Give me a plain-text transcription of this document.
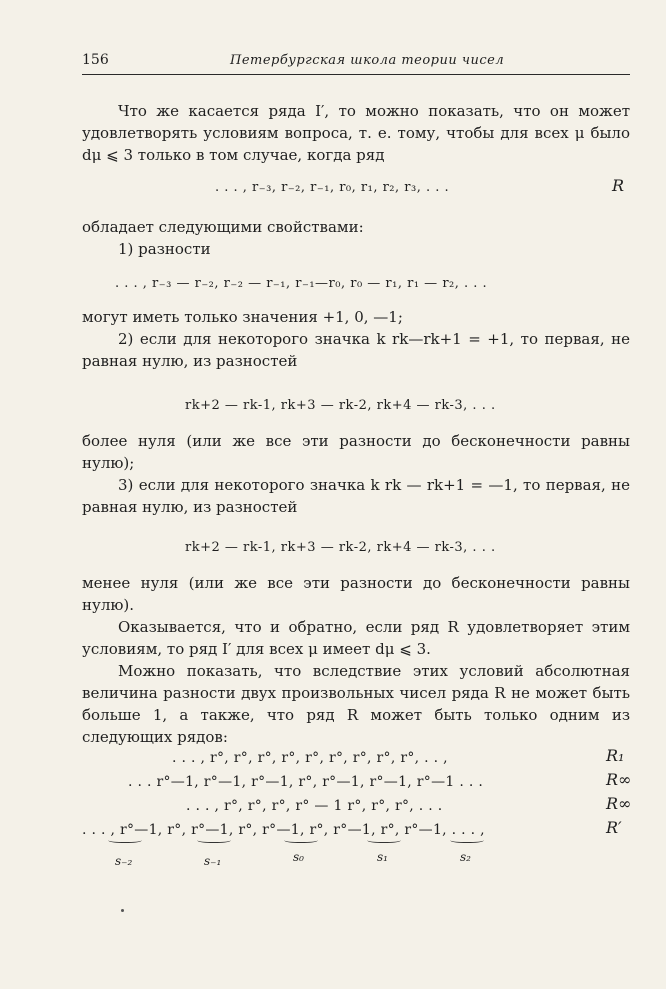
156	Петербургская школа теории чисел

Что же касается ряда I′, то можно показать, что он может удовлетворять условиям вопроса, т. е. тому, чтобы для всех μ было dμ ⩽ 3 только в том случае, когда ряд

. . . , r₋₃, r₋₂, r₋₁, r₀, r₁, r₂, r₃, . . .	R

обладает следующими свойствами:

1) разности

. . . , r₋₃ — r₋₂, r₋₂ — r₋₁, r₋₁—r₀, r₀ — r₁, r₁ — r₂, . . .

могут иметь только значения +1, 0, —1;

2) если для некоторого значка k rk—rk+1 = +1, то первая, не равная нулю, из разностей

rk+2 — rk-1, rk+3 — rk-2, rk+4 — rk-3, . . .

более нуля (или же все эти разности до бесконечности равны нулю);

3) если для некоторого значка k rk — rk+1 = —1, то первая, не равная нулю, из разностей

rk+2 — rk-1, rk+3 — rk-2, rk+4 — rk-3, . . .

менее нуля (или же все эти разности до бесконечности равны нулю).

Оказывается, что и обратно, если ряд R удовлетворяет этим условиям, то ряд I′ для всех μ имеет dμ ⩽ 3.

Можно показать, что вследствие этих условий абсолютная величина разности двух произвольных чисел ряда R не может быть больше 1, а также, что ряд R может быть только одним из следующих рядов:

. . . , r°, r°, r°, r°, r°, r°, r°, r°, r°, . . ,	R₁
. . . r°—1, r°—1, r°—1, r°, r°—1, r°—1, r°—1 . . .	R∞
. . . , r°, r°, r°, r° — 1 r°, r°, r°, . . .	R∞
. . . , r°—1, r°, r°—1, r°, r°—1, r°, r°—1, r°, r°—1, . . . ,	R′
s₋₂	s₋₁	s₀	s₁	s₂
